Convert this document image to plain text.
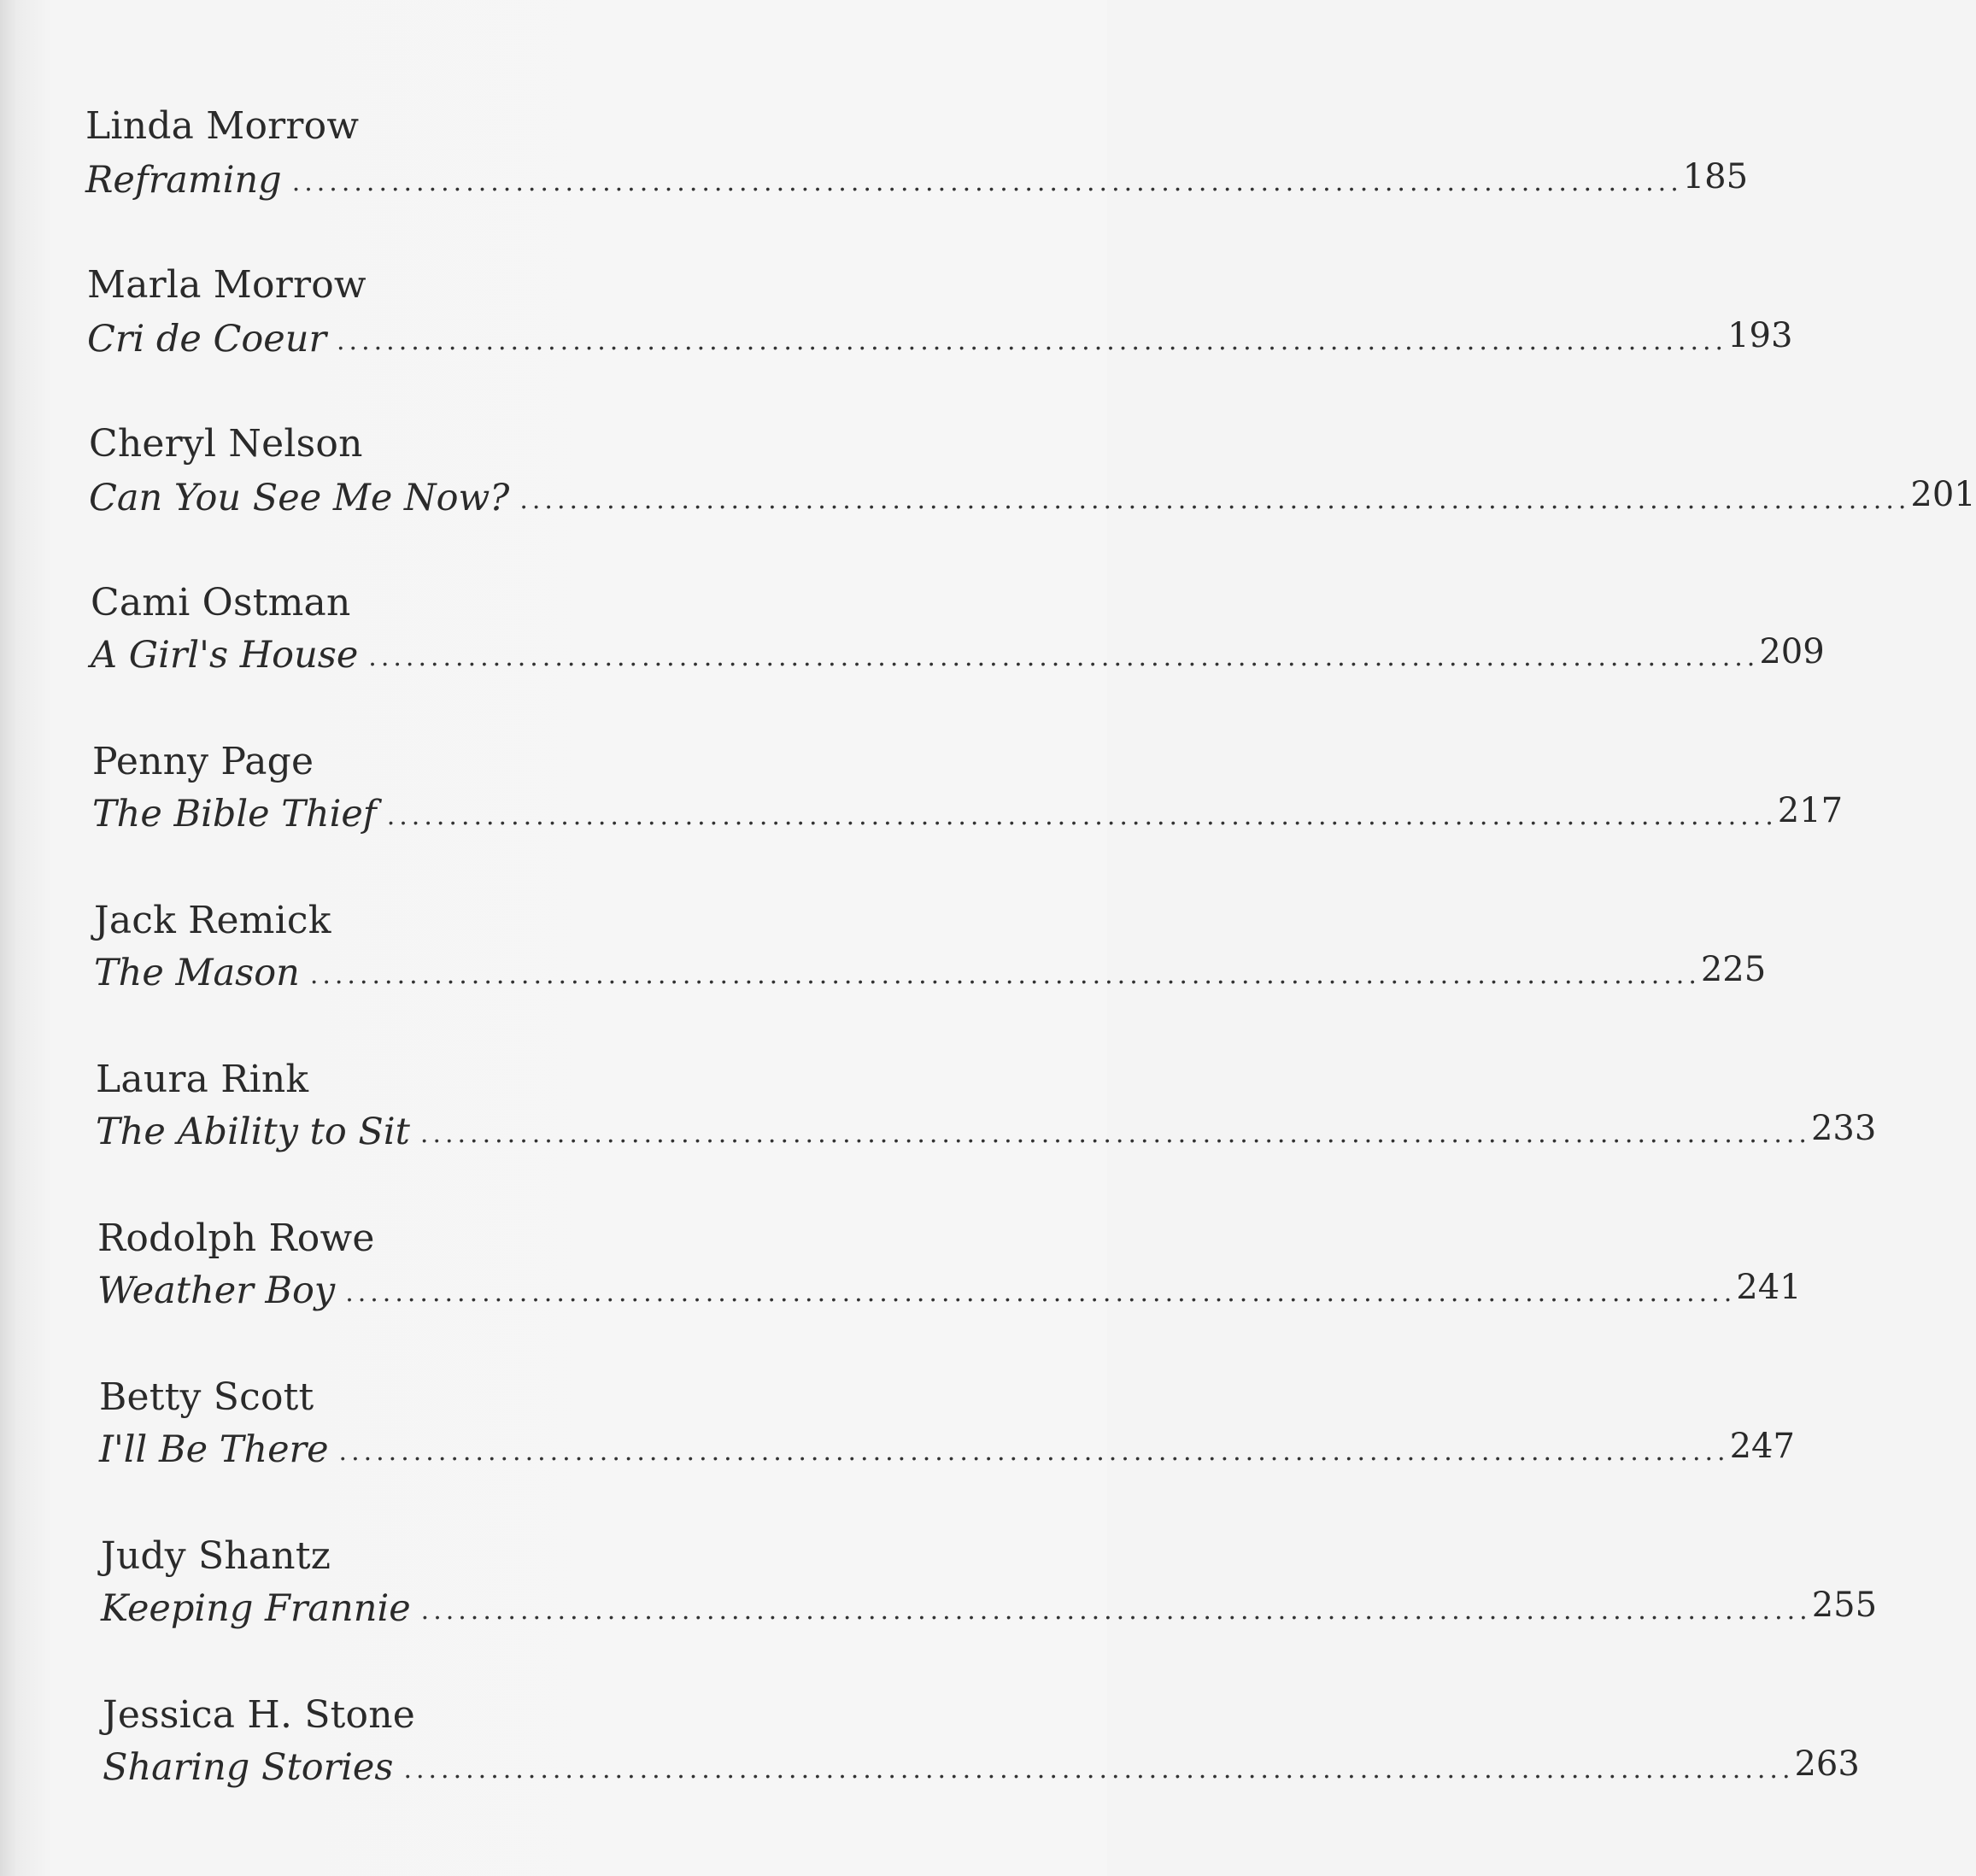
Linda Morrow
Reframing ................................................................................................................ 185
Marla Morrow
Cri de Coeur ................................................................................................................ 193
Cheryl Nelson
Can You See Me Now? ................................................................................................................ 201
Cami Ostman
A Girl's House ................................................................................................................ 209
Penny Page
The Bible Thief ................................................................................................................ 217
Jack Remick
The Mason ................................................................................................................ 225
Laura Rink
The Ability to Sit ................................................................................................................ 233
Rodolph Rowe
Weather Boy ................................................................................................................ 241
Betty Scott
I'll Be There ................................................................................................................ 247
Judy Shantz
Keeping Frannie ................................................................................................................ 255
Jessica H. Stone
Sharing Stories ................................................................................................................ 263
